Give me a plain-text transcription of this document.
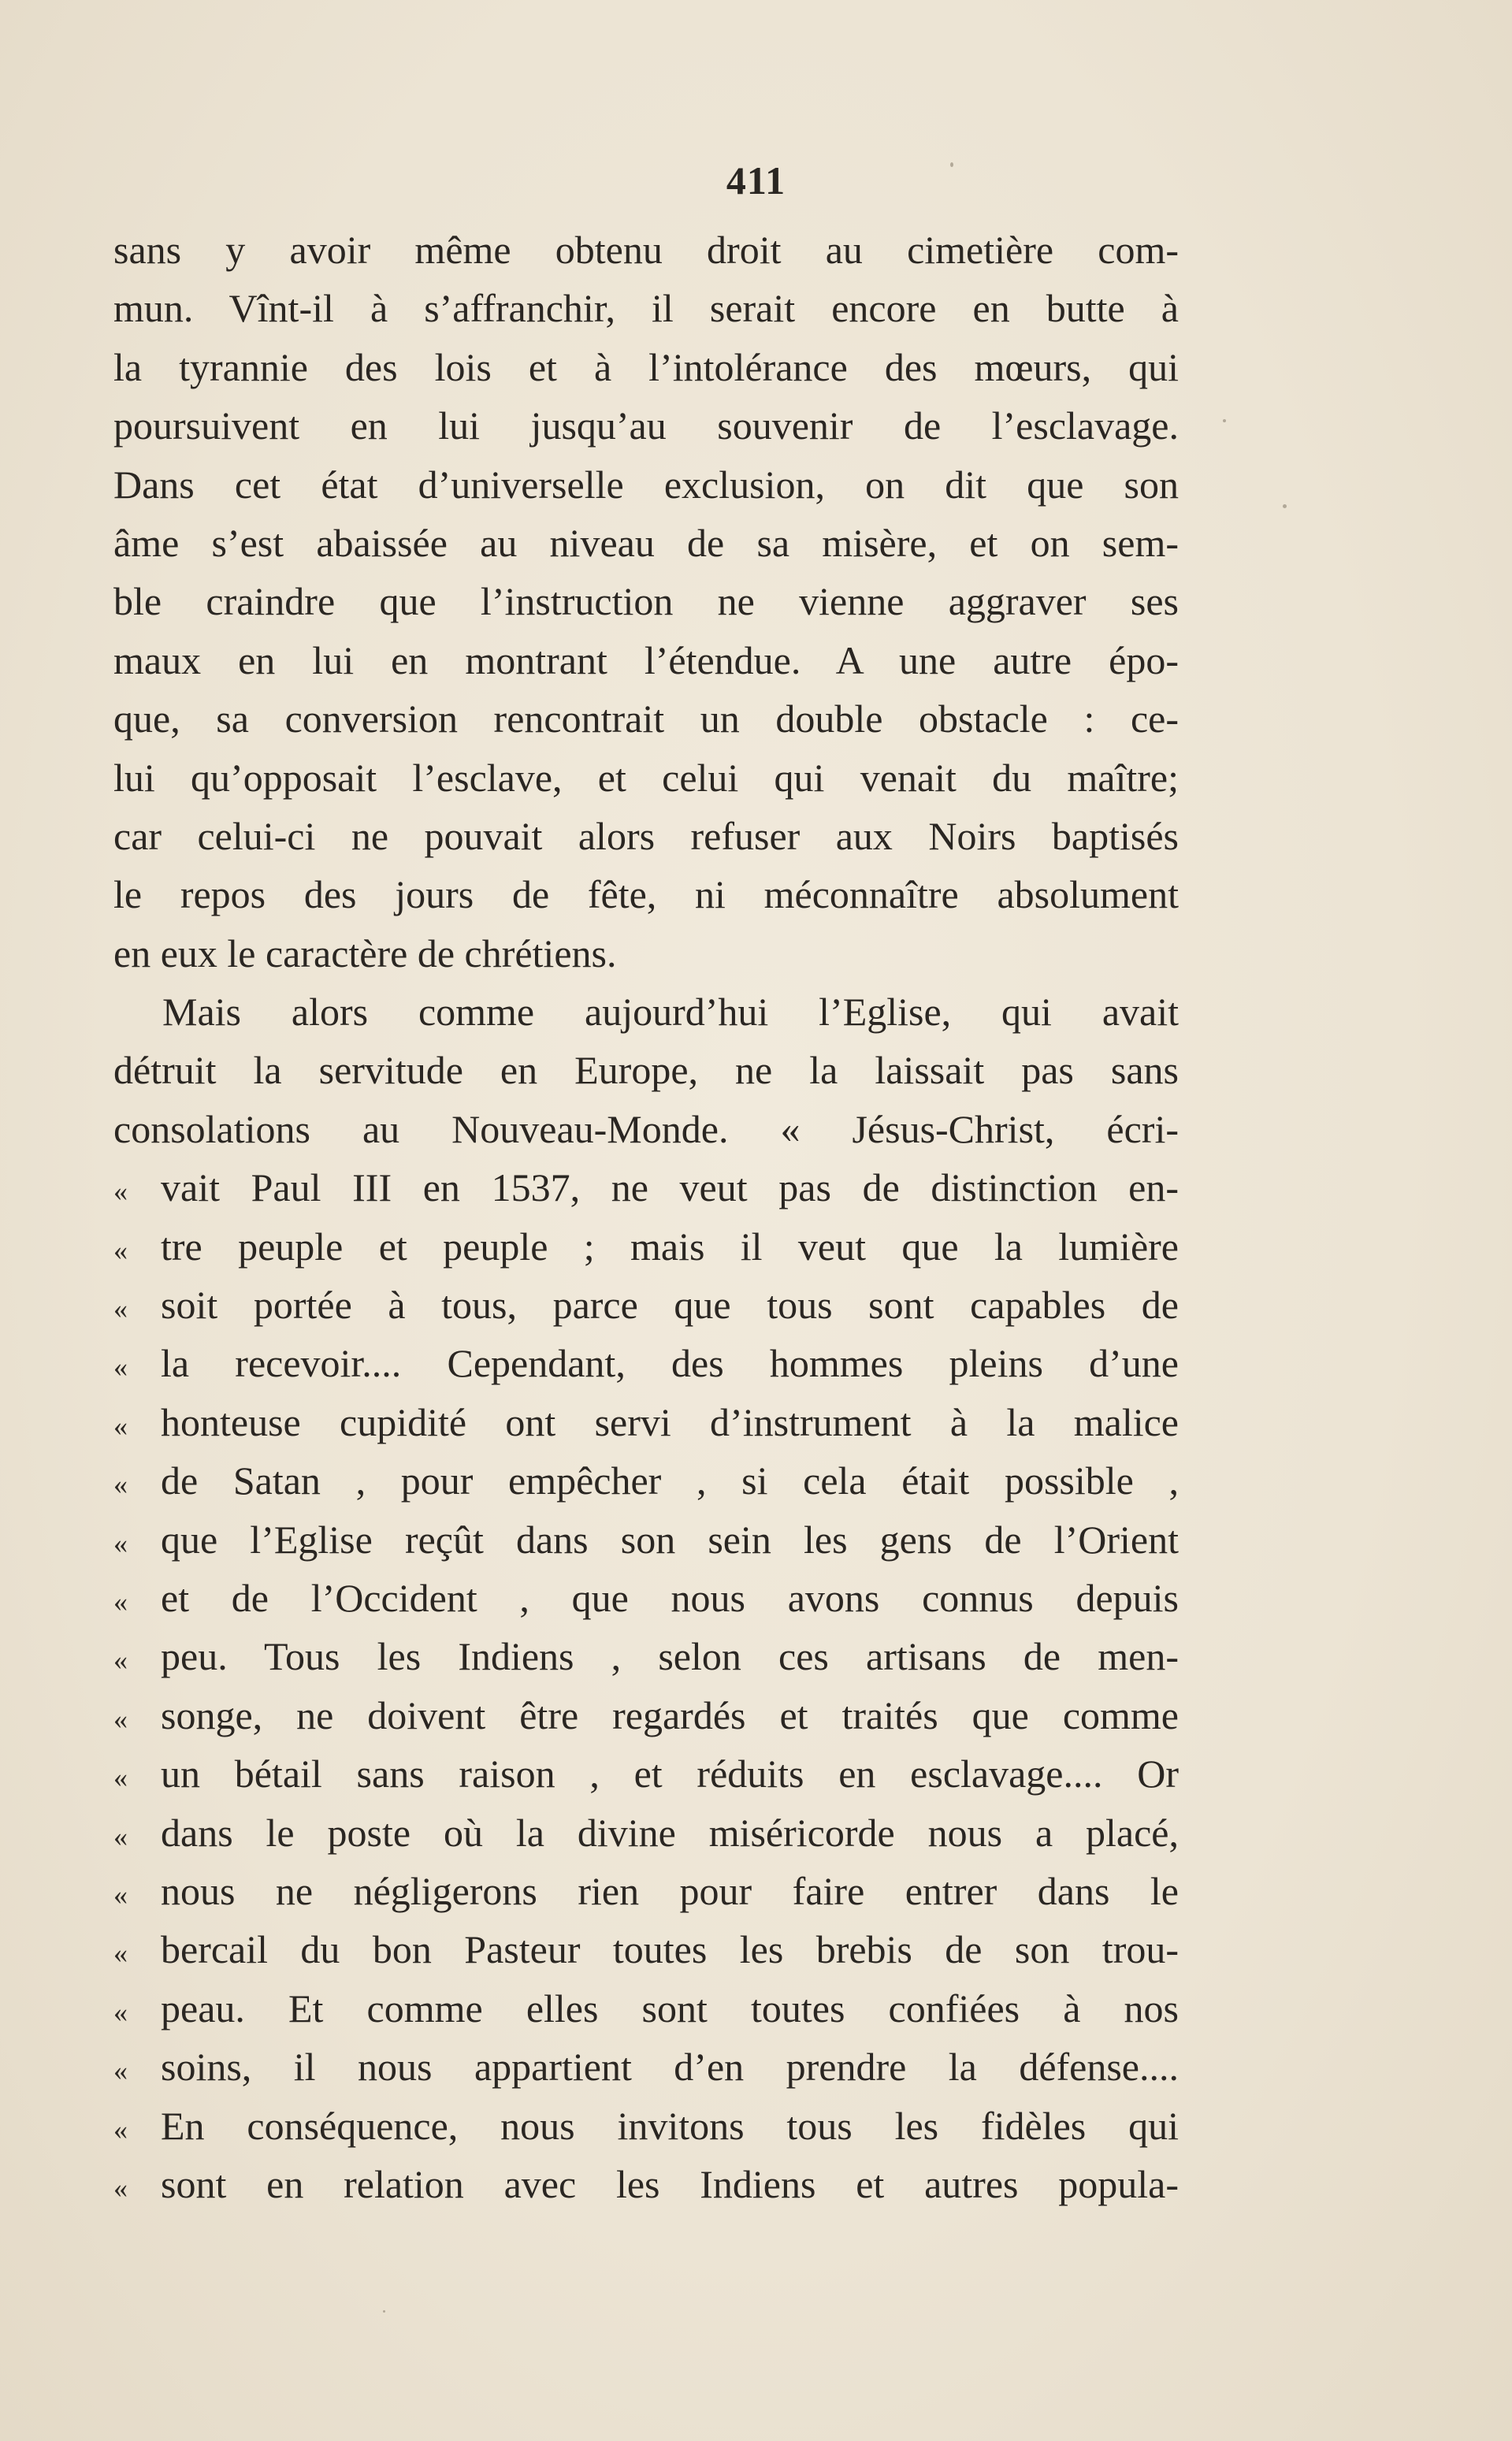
411
sans y avoir même obtenu droit au cimetière com-
mun. Vînt-il à s’affranchir, il serait encore en butte à
la tyrannie des lois et à l’intolérance des mœurs, qui
poursuivent en lui jusqu’au souvenir de l’esclavage.
Dans cet état d’universelle exclusion, on dit que son
âme s’est abaissée au niveau de sa misère, et on sem-
ble craindre que l’instruction ne vienne aggraver ses
maux en lui en montrant l’étendue. A une autre épo-
que, sa conversion rencontrait un double obstacle : ce-
lui qu’opposait l’esclave, et celui qui venait du maître;
car celui-ci ne pouvait alors refuser aux Noirs baptisés
le repos des jours de fête, ni méconnaître absolument
en eux le caractère de chrétiens.
Mais alors comme aujourd’hui l’Eglise, qui avait
détruit la servitude en Europe, ne la laissait pas sans
consolations au Nouveau-Monde. « Jésus-Christ, écri-
« vait Paul III en 1537, ne veut pas de distinction en-
« tre peuple et peuple ; mais il veut que la lumière
« soit portée à tous, parce que tous sont capables de
« la recevoir.... Cependant, des hommes pleins d’une
« honteuse cupidité ont servi d’instrument à la malice
« de Satan , pour empêcher , si cela était possible ,
« que l’Eglise reçût dans son sein les gens de l’Orient
« et de l’Occident , que nous avons connus depuis
« peu. Tous les Indiens , selon ces artisans de men-
« songe, ne doivent être regardés et traités que comme
« un bétail sans raison , et réduits en esclavage.... Or
« dans le poste où la divine miséricorde nous a placé,
« nous ne négligerons rien pour faire entrer dans le
« bercail du bon Pasteur toutes les brebis de son trou-
« peau. Et comme elles sont toutes confiées à nos
« soins, il nous appartient d’en prendre la défense....
« En conséquence, nous invitons tous les fidèles qui
« sont en relation avec les Indiens et autres popula-
